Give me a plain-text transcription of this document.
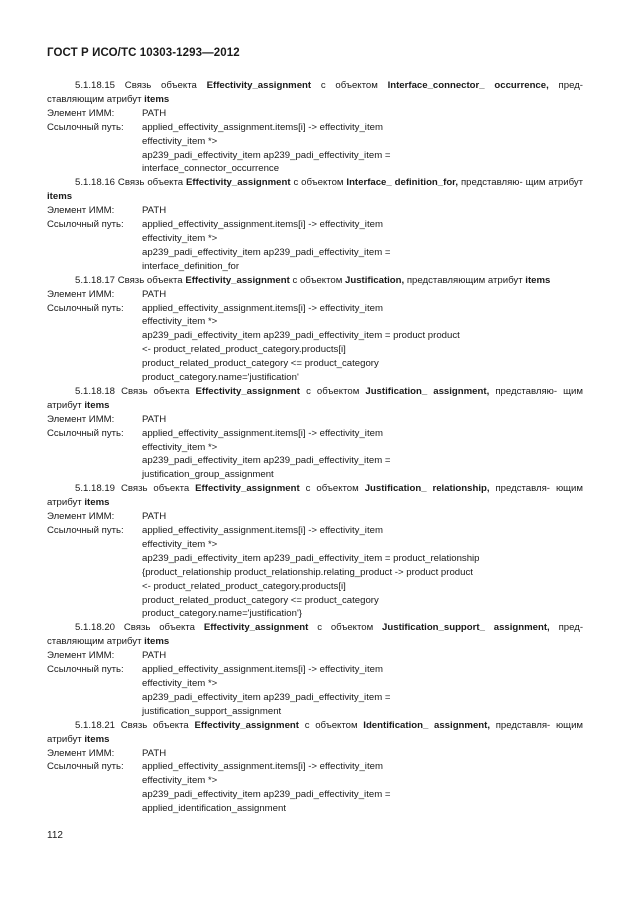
ГОСТ Р ИСО/ТС 10303-1293—2012
5.1.18.15 Связь объекта Effectivity_assignment с объектом Interface_connector_ occurrence, пред- ставляющим атрибут items
Элемент ИММ:	PATH
Ссылочный путь:	applied_effectivity_assignment.items[i] -> effectivity_item
effectivity_item *>
ap239_padi_effectivity_item ap239_padi_effectivity_item =
interface_connector_occurrence
5.1.18.16 Связь объекта Effectivity_assignment с объектом Interface_ definition_for, представляю- щим атрибут items
Элемент ИММ:	PATH
Ссылочный путь:	applied_effectivity_assignment.items[i] -> effectivity_item
effectivity_item *>
ap239_padi_effectivity_item ap239_padi_effectivity_item =
interface_definition_for
5.1.18.17 Связь объекта Effectivity_assignment с объектом Justification, представляющим атрибут items
Элемент ИММ:	PATH
Ссылочный путь:	applied_effectivity_assignment.items[i] -> effectivity_item
effectivity_item *>
ap239_padi_effectivity_item ap239_padi_effectivity_item = product product
<- product_related_product_category.products[i]
product_related_product_category <= product_category
product_category.name='justification'
5.1.18.18 Связь объекта Effectivity_assignment с объектом Justification_ assignment, представляю- щим атрибут items
Элемент ИММ:	PATH
Ссылочный путь:	applied_effectivity_assignment.items[i] -> effectivity_item
effectivity_item *>
ap239_padi_effectivity_item ap239_padi_effectivity_item =
justification_group_assignment
5.1.18.19 Связь объекта Effectivity_assignment с объектом Justification_ relationship, представля- ющим атрибут items
Элемент ИММ:	PATH
Ссылочный путь:	applied_effectivity_assignment.items[i] -> effectivity_item
effectivity_item *>
ap239_padi_effectivity_item ap239_padi_effectivity_item = product_relationship
{product_relationship product_relationship.relating_product -> product product
<- product_related_product_category.products[i]
product_related_product_category <= product_category
product_category.name='justification'}
5.1.18.20 Связь объекта Effectivity_assignment с объектом Justification_support_ assignment, пред- ставляющим атрибут items
Элемент ИММ:	PATH
Ссылочный путь:	applied_effectivity_assignment.items[i] -> effectivity_item
effectivity_item *>
ap239_padi_effectivity_item ap239_padi_effectivity_item =
justification_support_assignment
5.1.18.21 Связь объекта Effectivity_assignment с объектом Identification_ assignment, представля- ющим атрибут items
Элемент ИММ:	PATH
Ссылочный путь:	applied_effectivity_assignment.items[i] -> effectivity_item
effectivity_item *>
ap239_padi_effectivity_item ap239_padi_effectivity_item =
applied_identification_assignment
112
